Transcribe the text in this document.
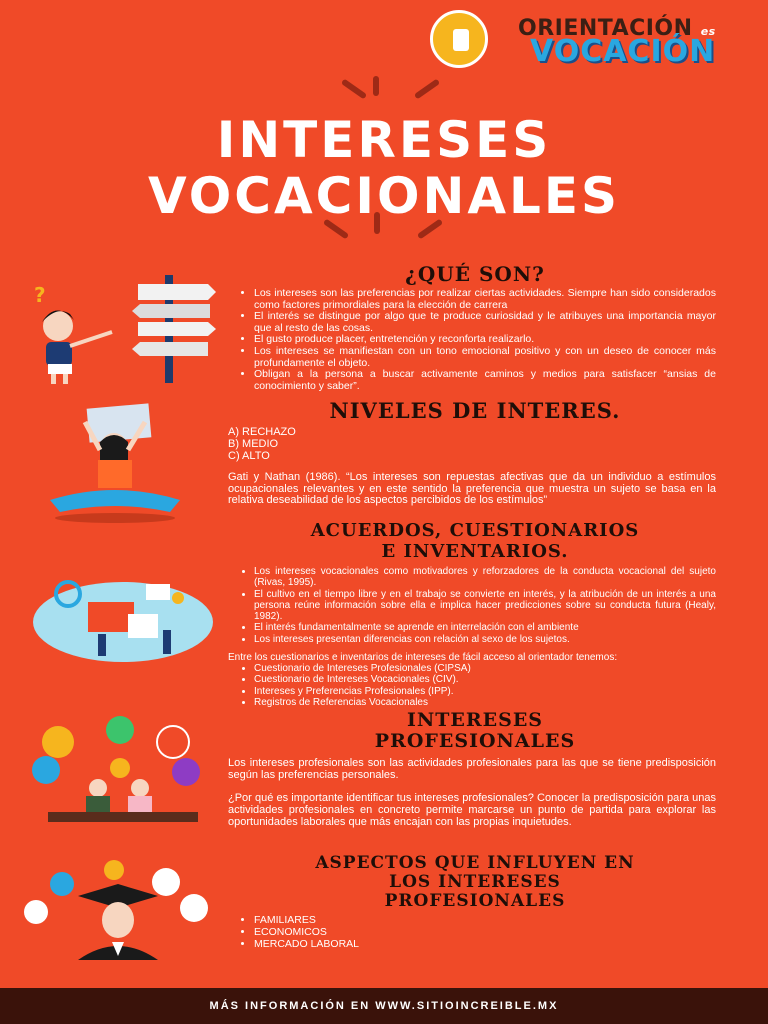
ORIENTACIÓN es
VOCACIÓN
INTERESES
VOCACIONALES
?
¿QUÉ SON?
• Los intereses son las preferencias por realizar ciertas actividades. Siempre han sido considerados como factores primordiales para la elección de carrera
• El interés se distingue por algo que te produce curiosidad y le atribuyes una importancia mayor que al resto de las cosas.
• El gusto produce placer, entretención y reconforta realizarlo.
• Los intereses se manifiestan con un tono emocional positivo y con un deseo de conocer más profundamente el objeto.
• Obligan a la persona a buscar activamente caminos y medios para satisfacer “ansias de conocimiento y saber”.
NIVELES DE INTERES.
A) RECHAZO
B) MEDIO
C) ALTO
Gati y Nathan (1986). “Los intereses son repuestas afectivas que da un individuo a estímulos ocupacionales relevantes y en este sentido la preferencia que muestra un sujeto se basa en la relativa deseabilidad de los aspectos percibidos de los estímulos”
ACUERDOS, CUESTIONARIOS
E INVENTARIOS.
• Los intereses vocacionales como motivadores y reforzadores de la conducta vocacional del sujeto (Rivas, 1995).
• El cultivo en el tiempo libre y en el trabajo se convierte en interés, y la atribución de un interés a una persona reúne información sobre ella e implica hacer predicciones sobre su conducta futura (Healy, 1982).
• El interés fundamentalmente se aprende en interrelación con el ambiente
• Los intereses presentan diferencias con relación al sexo de los sujetos.
Entre los cuestionarios e inventarios de intereses de fácil acceso al orientador tenemos:
• Cuestionario de Intereses Profesionales (CIPSA)
• Cuestionario de Intereses Vocacionales (CIV).
• Intereses y Preferencias Profesionales (IPP).
• Registros de Referencias Vocacionales
INTERESES
PROFESIONALES
Los intereses profesionales son las actividades profesionales para las que se tiene predisposición según las preferencias personales.
¿Por qué es importante identificar tus intereses profesionales? Conocer la predisposición para unas actividades profesionales en concreto permite marcarse un punto de partida para explorar las oportunidades laborales que más encajan con las propias inquietudes.
ASPECTOS QUE INFLUYEN EN
LOS INTERESES
PROFESIONALES
• FAMILIARES
• ECONOMICOS
• MERCADO LABORAL
MÁS INFORMACIÓN EN WWW.SITIOINCREIBLE.MX
